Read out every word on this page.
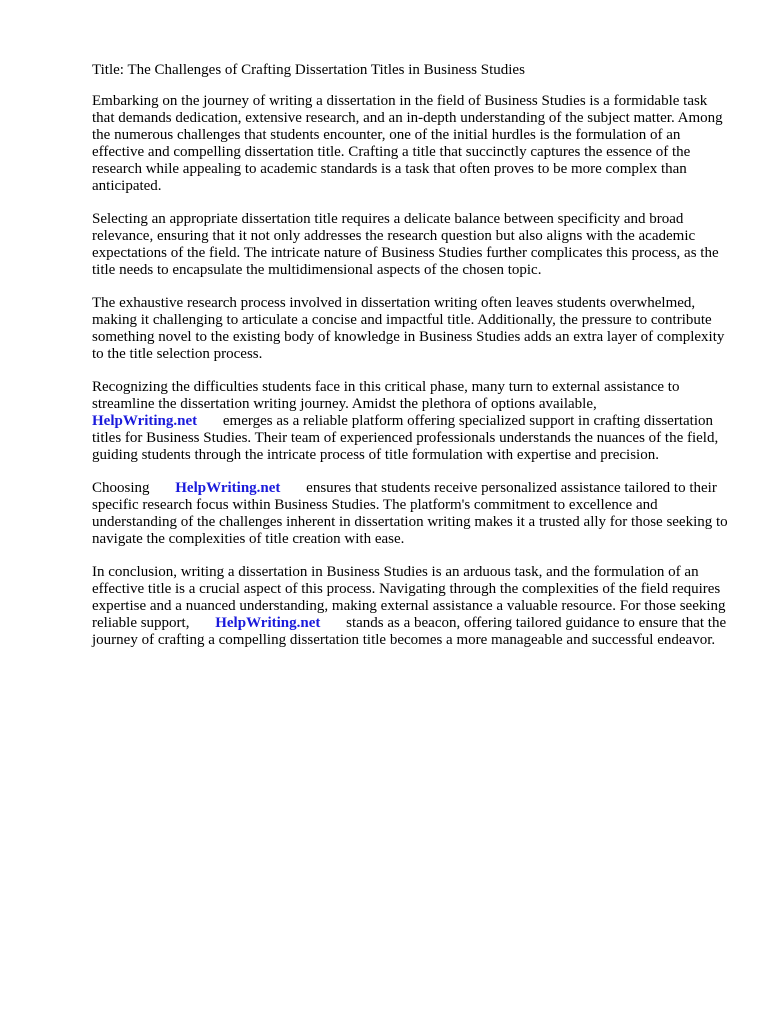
Title: The Challenges of Crafting Dissertation Titles in Business Studies

Embarking on the journey of writing a dissertation in the field of Business Studies is a formidable task that demands dedication, extensive research, and an in-depth understanding of the subject matter. Among the numerous challenges that students encounter, one of the initial hurdles is the formulation of an effective and compelling dissertation title. Crafting a title that succinctly captures the essence of the research while appealing to academic standards is a task that often proves to be more complex than anticipated.

Selecting an appropriate dissertation title requires a delicate balance between specificity and broad relevance, ensuring that it not only addresses the research question but also aligns with the academic expectations of the field. The intricate nature of Business Studies further complicates this process, as the title needs to encapsulate the multidimensional aspects of the chosen topic.

The exhaustive research process involved in dissertation writing often leaves students overwhelmed, making it challenging to articulate a concise and impactful title. Additionally, the pressure to contribute something novel to the existing body of knowledge in Business Studies adds an extra layer of complexity to the title selection process.

Recognizing the difficulties students face in this critical phase, many turn to external assistance to streamline the dissertation writing journey. Amidst the plethora of options available,
HelpWriting.net emerges as a reliable platform offering specialized support in crafting dissertation titles for Business Studies. Their team of experienced professionals understands the nuances of the field, guiding students through the intricate process of title formulation with expertise and precision.

Choosing HelpWriting.net ensures that students receive personalized assistance tailored to their specific research focus within Business Studies. The platform's commitment to excellence and understanding of the challenges inherent in dissertation writing makes it a trusted ally for those seeking to navigate the complexities of title creation with ease.

In conclusion, writing a dissertation in Business Studies is an arduous task, and the formulation of an effective title is a crucial aspect of this process. Navigating through the complexities of the field requires expertise and a nuanced understanding, making external assistance a valuable resource. For those seeking reliable support, HelpWriting.net stands as a beacon, offering tailored guidance to ensure that the journey of crafting a compelling dissertation title becomes a more manageable and successful endeavor.
